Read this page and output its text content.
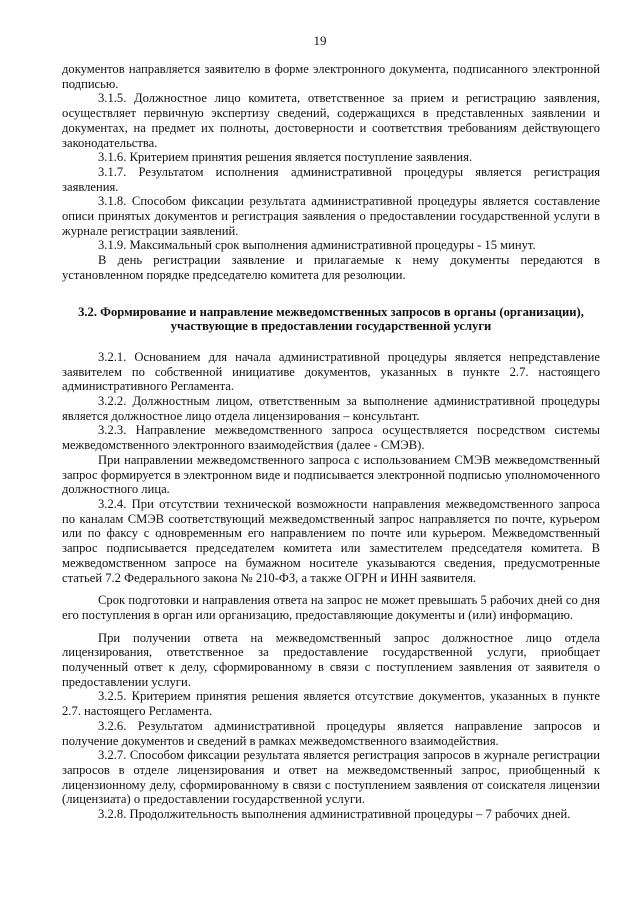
19

документов направляется заявителю в форме электронного документа, подписанного электронной подписью.

3.1.5. Должностное лицо комитета, ответственное за прием и регистрацию заявления, осуществляет первичную экспертизу сведений, содержащихся в представленных заявлении и документах, на предмет их полноты, достоверности и соответствия требованиям действующего законодательства.

3.1.6. Критерием принятия решения является поступление заявления.

3.1.7. Результатом исполнения административной процедуры является регистрация заявления.

3.1.8. Способом фиксации результата административной процедуры является составление описи принятых документов и регистрация заявления о предоставлении государственной услуги в журнале регистрации заявлений.

3.1.9. Максимальный срок выполнения административной процедуры - 15 минут.

В день регистрации заявление и прилагаемые к нему документы передаются в установленном порядке председателю комитета для резолюции.

3.2. Формирование и направление межведомственных запросов в органы (организации), участвующие в предоставлении государственной услуги

3.2.1. Основанием для начала административной процедуры является непредставление заявителем по собственной инициативе документов, указанных в пункте 2.7. настоящего административного Регламента.

3.2.2. Должностным лицом, ответственным за выполнение административной процедуры является должностное лицо отдела лицензирования – консультант.

3.2.3. Направление межведомственного запроса осуществляется посредством системы межведомственного электронного взаимодействия (далее - СМЭВ).

При направлении межведомственного запроса с использованием СМЭВ межведомственный запрос формируется в электронном виде и подписывается электронной подписью уполномоченного должностного лица.

3.2.4. При отсутствии технической возможности направления межведомственного запроса по каналам СМЭВ соответствующий межведомственный запрос направляется по почте, курьером или по факсу с одновременным его направлением по почте или курьером. Межведомственный запрос подписывается председателем комитета или заместителем председателя комитета. В межведомственном запросе на бумажном носителе указываются сведения, предусмотренные статьей 7.2 Федерального закона № 210-ФЗ, а также ОГРН и ИНН заявителя.

Срок подготовки и направления ответа на запрос не может превышать 5 рабочих дней со дня его поступления в орган или организацию, предоставляющие документы и (или) информацию.

При получении ответа на межведомственный запрос должностное лицо отдела лицензирования, ответственное за предоставление государственной услуги, приобщает полученный ответ к делу, сформированному в связи с поступлением заявления от заявителя о предоставлении услуги.

3.2.5. Критерием принятия решения является отсутствие документов, указанных в пункте 2.7. настоящего Регламента.

3.2.6. Результатом административной процедуры является направление запросов и получение документов и сведений в рамках межведомственного взаимодействия.

3.2.7. Способом фиксации результата является регистрация запросов в журнале регистрации запросов в отделе лицензирования и ответ на межведомственный запрос, приобщенный к лицензионному делу, сформированному в связи с поступлением заявления от соискателя лицензии (лицензиата) о предоставлении государственной услуги.

3.2.8. Продолжительность выполнения административной процедуры – 7 рабочих дней.
